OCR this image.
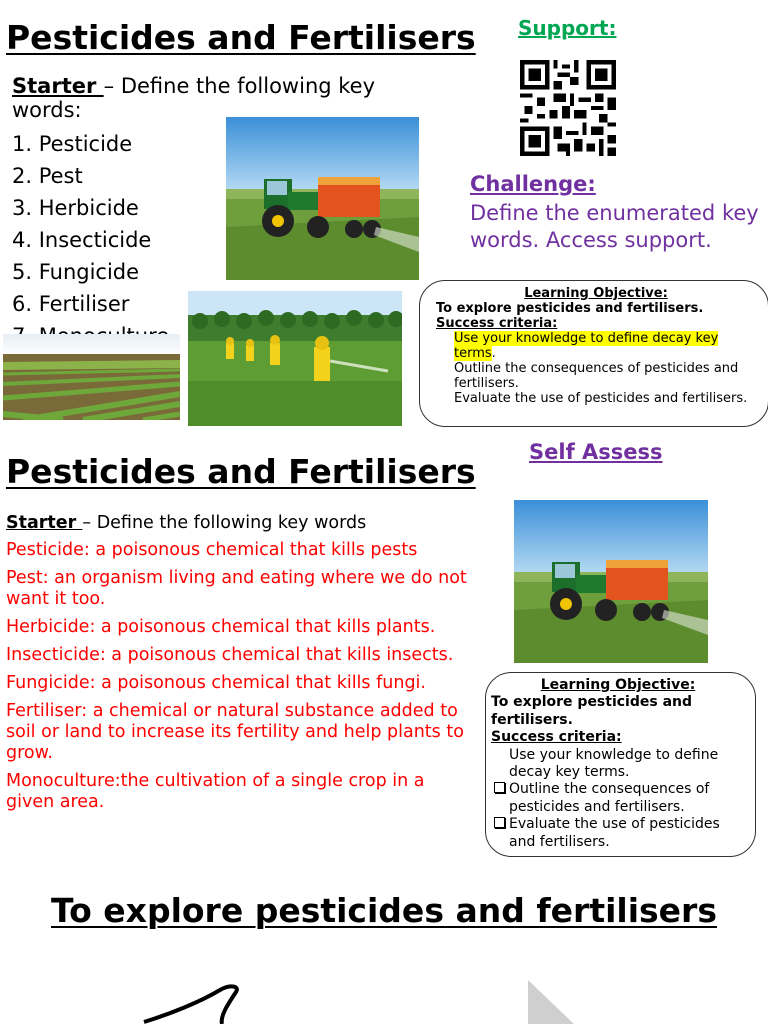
Pesticides and Fertilisers
Starter – Define the following key words:
1. Pesticide
2. Pest
3. Herbicide
4. Insecticide
5. Fungicide
6. Fertiliser
Support:
Challenge:
Define the enumerated key words. Access support.
Learning Objective:
To explore pesticides and fertilisers.
Success criteria:
Use your knowledge to define decay key terms.
Outline the consequences of pesticides and fertilisers.
Evaluate the use of pesticides and fertilisers.
Pesticides and Fertilisers	Self Assess
Starter – Define the following key words

Pesticide: a poisonous chemical that kills pests

Pest: an organism living and eating where we do not want it too.

Herbicide: a poisonous chemical that kills plants.

Insecticide: a poisonous chemical that kills insects.

Fungicide: a poisonous chemical that kills fungi.

Fertiliser: a chemical or natural substance added to soil or land to increase its fertility and help plants to grow.

Monoculture:the cultivation of a single crop in a given area.

Learning Objective:
To explore pesticides and fertilisers.
Success criteria:
Use your knowledge to define decay key terms.
Outline the consequences of pesticides and fertilisers.
Evaluate the use of pesticides and fertilisers.
To explore pesticides and fertilisers
